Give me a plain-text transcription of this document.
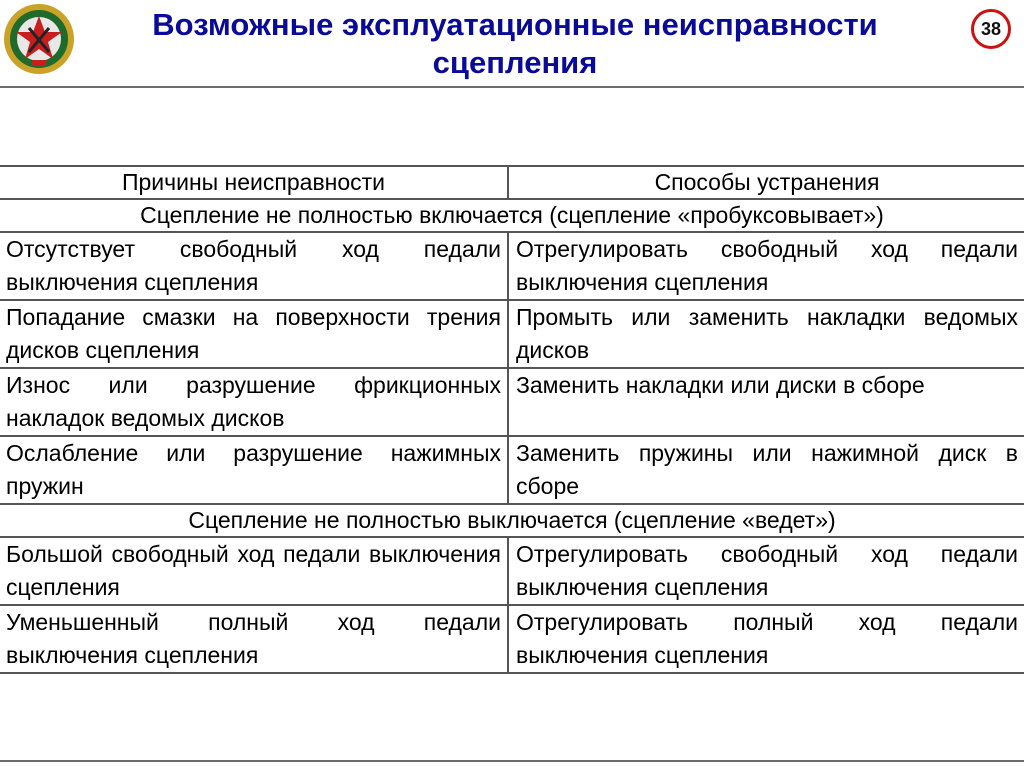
Возможные эксплуатационные неисправности сцепления
38
Причины неисправности	Способы устранения
Сцепление не полностью включается (сцепление «пробуксовывает»)	
Отсутствует свободный ход педали выключения сцепления	Отрегулировать свободный ход педали выключения сцепления
Попадание смазки на поверхности трения дисков сцепления	Промыть или заменить накладки ведомых дисков
Износ или разрушение фрикционных накладок ведомых дисков	Заменить накладки или диски в сборе
Ослабление или разрушение нажимных пружин	Заменить пружины или нажимной диск в сборе
Сцепление не полностью выключается (сцепление «ведет»)	
Большой свободный ход педали выключения сцепления	Отрегулировать свободный ход педали выключения сцепления
Уменьшенный полный ход педали выключения сцепления	Отрегулировать полный ход педали выключения сцепления
